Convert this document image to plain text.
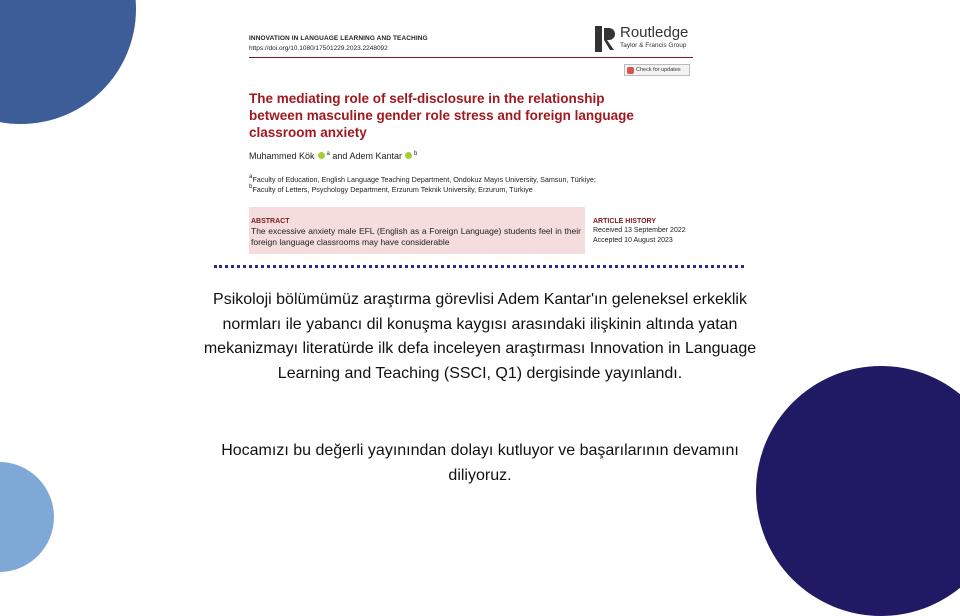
INNOVATION IN LANGUAGE LEARNING AND TEACHING
https://doi.org/10.1080/17501229.2023.2248092
Routledge
Taylor & Francis Group
Check for updates
The mediating role of self-disclosure in the relationship between masculine gender role stress and foreign language classroom anxiety
Muhammed Kök $^a$ and Adem Kantar $^b$
$^a$Faculty of Education, English Language Teaching Department, Ondokuz Mayıs University, Samsun, Türkiye;
$^b$Faculty of Letters, Psychology Department, Erzurum Teknik University, Erzurum, Türkiye
ABSTRACT
The excessive anxiety male EFL (English as a Foreign Language) students feel in their foreign language classrooms may have considerable
ARTICLE HISTORY
Received 13 September 2022
Accepted 10 August 2023
Psikoloji bölümümüz araştırma görevlisi Adem Kantar'ın geleneksel erkeklik normları ile yabancı dil konuşma kaygısı arasındaki ilişkinin altında yatan mekanizmayı literatürde ilk defa inceleyen araştırması Innovation in Language Learning and Teaching (SSCI, Q1) dergisinde yayınlandı.
Hocamızı bu değerli yayınından dolayı kutluyor ve başarılarının devamını diliyoruz.
